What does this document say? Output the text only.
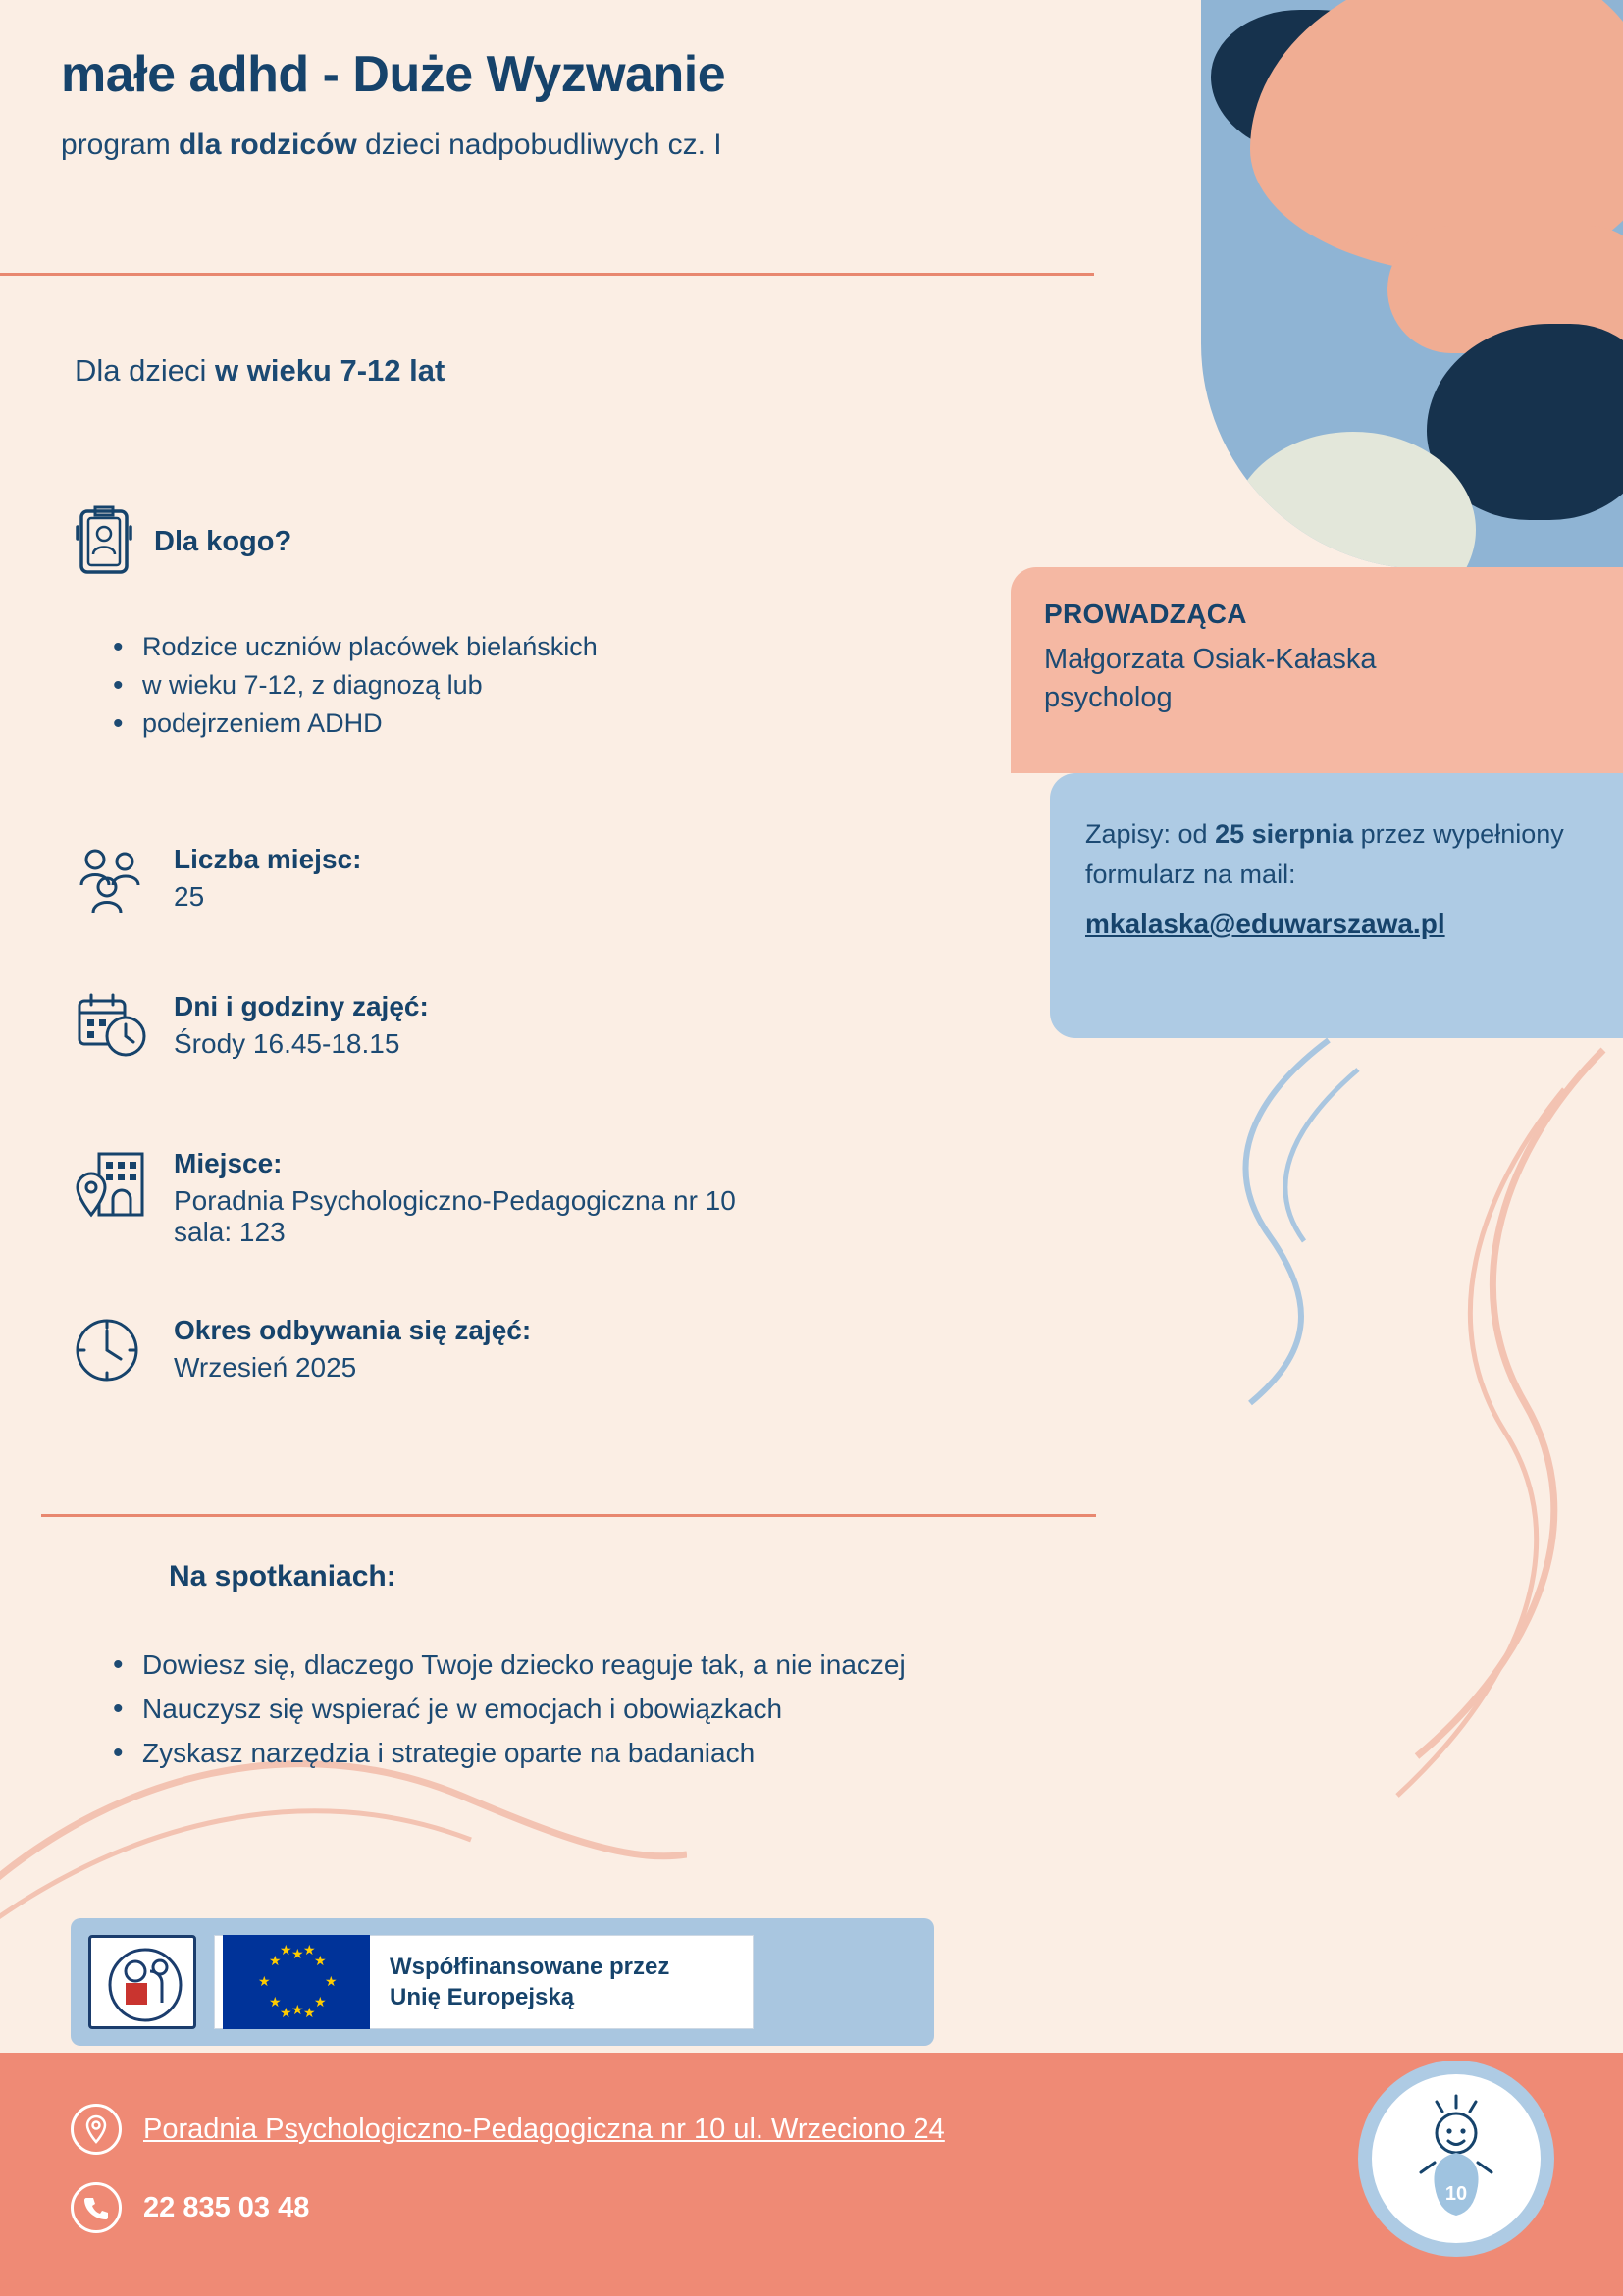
małe adhd - Duże Wyzwanie
program dla rodziców dzieci nadpobudliwych cz. I
Dla dzieci w wieku 7-12 lat
Dla kogo?
• Rodzice uczniów placówek bielańskich
• w wieku 7-12, z diagnozą lub
• podejrzeniem ADHD
Liczba miejsc:
25
Dni i godziny zajęć:
Środy 16.45-18.15
Miejsce:
Poradnia Psychologiczno-Pedagogiczna nr 10
sala: 123
Okres odbywania się zajęć:
Wrzesień 2025
PROWADZĄCA
Małgorzata Osiak-Kałaska
psycholog
Zapisy: od 25 sierpnia przez wypełniony formularz na mail: mkalaska@eduwarszawa.pl
Na spotkaniach:
• Dowiesz się, dlaczego Twoje dziecko reaguje tak, a nie inaczej
• Nauczysz się wspierać je w emocjach i obowiązkach
• Zyskasz narzędzia i strategie oparte na badaniach
★ ★
★
★
★
★
★
★
★ ★
★ ★
Współfinansowane przez
Unię Europejską
Poradnia Psychologiczno-Pedagogiczna nr 10 ul. Wrzeciono 24
22 835 03 48	10
